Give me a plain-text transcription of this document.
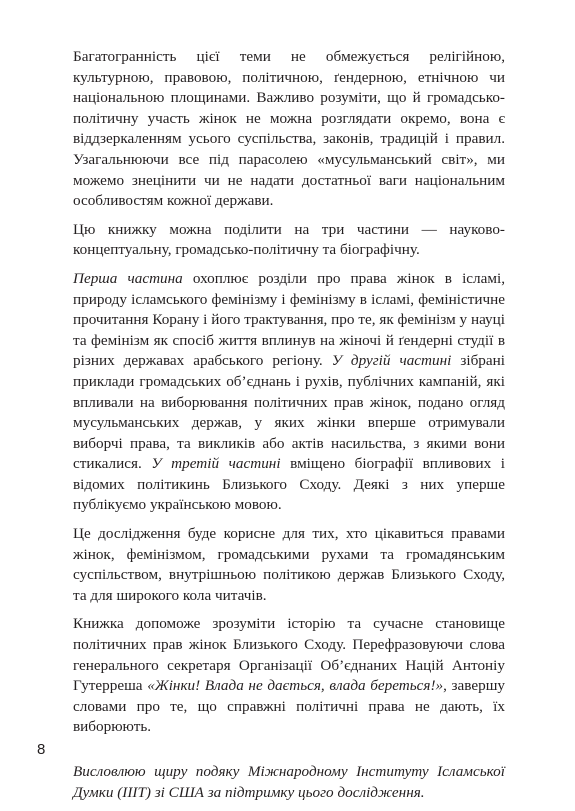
Багатогранність цієї теми не обмежується релігійною, культурною, правовою, політичною, ґендерною, етнічною чи національною площинами. Важливо розуміти, що й громадсько-політичну участь жінок не можна розглядати окремо, вона є віддзеркаленням усього суспільства, законів, традицій і правил. Узагальнюючи все під парасолею «мусульманський світ», ми можемо знецінити чи не надати достатньої ваги національним особливостям кожної держави.

Цю книжку можна поділити на три частини — науково-концептуальну, громадсько-політичну та біографічну.

Перша частина охоплює розділи про права жінок в ісламі, природу ісламського фемінізму і фемінізму в ісламі, феміністичне прочитання Корану і його трактування, про те, як фемінізм у науці та фемінізм як спосіб життя вплинув на жіночі й ґендерні студії в різних державах арабського регіону. У другій частині зібрані приклади громадських об’єднань і рухів, публічних кампаній, які впливали на виборювання політичних прав жінок, подано огляд мусульманських держав, у яких жінки вперше отримували виборчі права, та викликів або актів насильства, з якими вони стикалися. У третій частині вміщено біографії впливових і відомих політикинь Близького Сходу. Деякі з них уперше публікуємо українською мовою.

Це дослідження буде корисне для тих, хто цікавиться правами жінок, фемінізмом, громадськими рухами та громадянським суспільством, внутрішньою політикою держав Близького Сходу, та для широкого кола читачів.

Книжка допоможе зрозуміти історію та сучасне становище політичних прав жінок Близького Сходу. Перефразовуючи слова генерального секретаря Організації Об’єднаних Націй Антоніу Гутерреша «Жінки! Влада не дається, влада береться!», завершу словами про те, що справжні політичні права не дають, їх виборюють.

Висловлюю щиру подяку Міжнародному Інституту Ісламської Думки (ІІІТ) зі США за підтримку цього дослідження.

8
